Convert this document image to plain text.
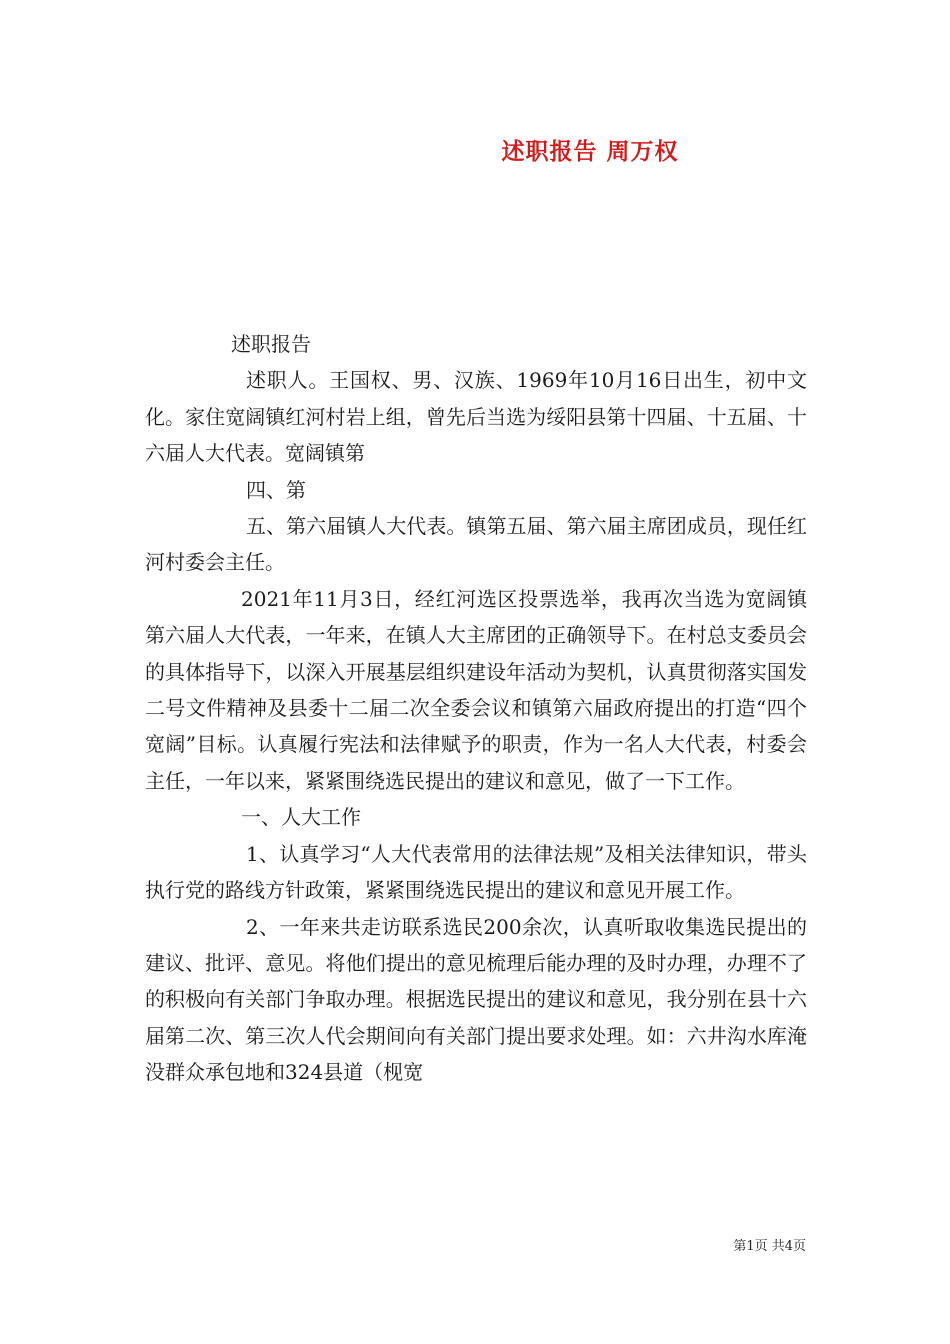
述职报告 周万权

述职报告

述职人。王国权、男、汉族、1969年10月16日出生，初中文化。家住宽阔镇红河村岩上组，曾先后当选为绥阳县第十四届、十五届、十六届人大代表。宽阔镇第

四、第

五、第六届镇人大代表。镇第五届、第六届主席团成员，现任红河村委会主任。

2021年11月3日，经红河选区投票选举，我再次当选为宽阔镇第六届人大代表，一年来，在镇人大主席团的正确领导下。在村总支委员会的具体指导下，以深入开展基层组织建设年活动为契机，认真贯彻落实国发二号文件精神及县委十二届二次全委会议和镇第六届政府提出的打造“四个宽阔”目标。认真履行宪法和法律赋予的职责，作为一名人大代表，村委会主任，一年以来，紧紧围绕选民提出的建议和意见，做了一下工作。

一、人大工作

1、认真学习“人大代表常用的法律法规”及相关法律知识，带头执行党的路线方针政策，紧紧围绕选民提出的建议和意见开展工作。

2、一年来共走访联系选民200余次，认真听取收集选民提出的建议、批评、意见。将他们提出的意见梳理后能办理的及时办理，办理不了的积极向有关部门争取办理。根据选民提出的建议和意见，我分别在县十六届第二次、第三次人代会期间向有关部门提出要求处理。如：六井沟水库淹没群众承包地和324县道（枧宽

第1页 共4页
